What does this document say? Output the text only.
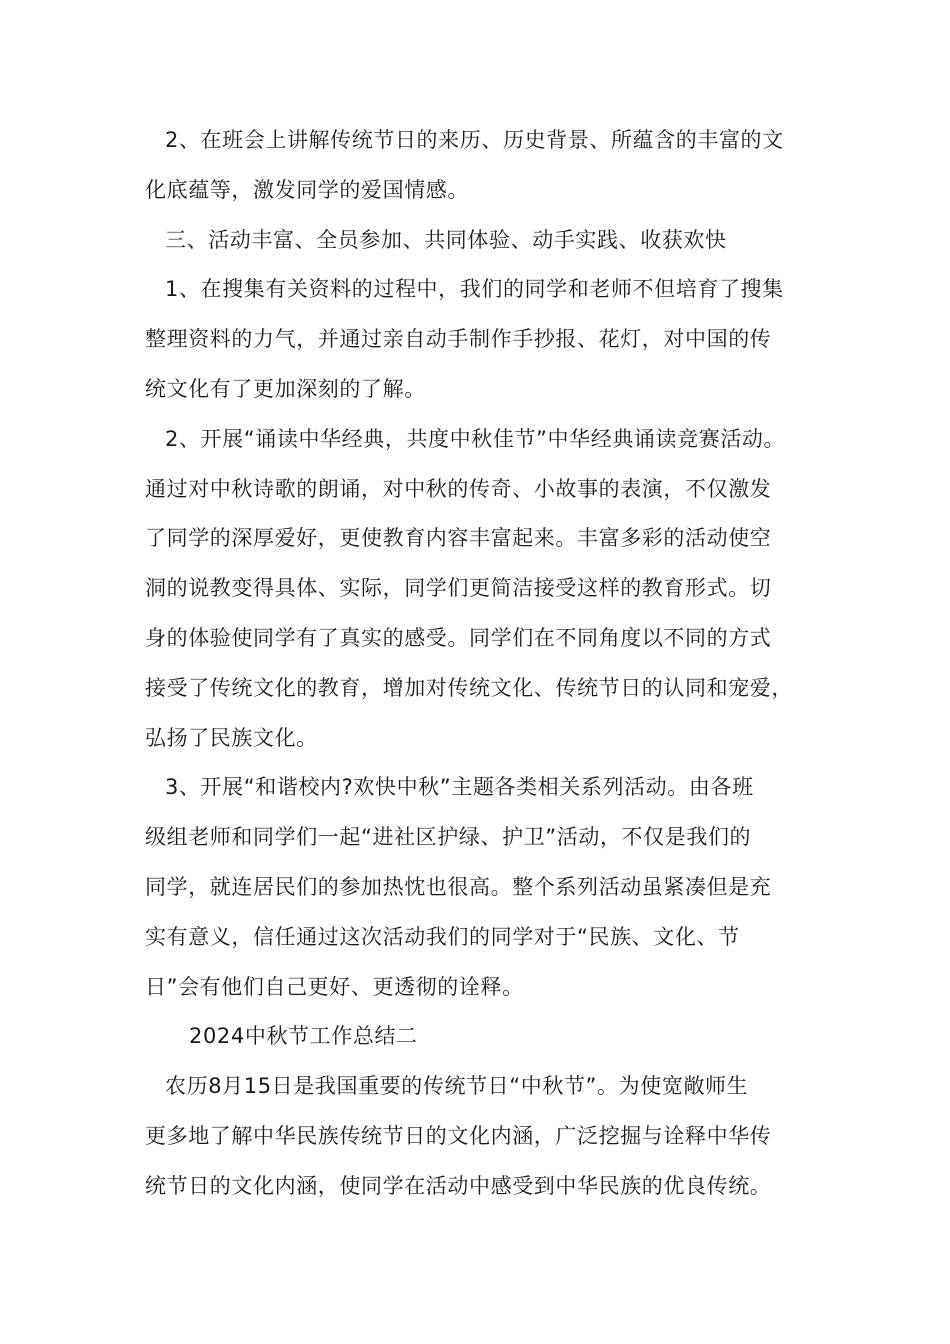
2、在班会上讲解传统节日的来历、历史背景、所蕴含的丰富的文
化底蕴等，激发同学的爱国情感。
三、活动丰富、全员参加、共同体验、动手实践、收获欢快
1、在搜集有关资料的过程中，我们的同学和老师不但培育了搜集
整理资料的力气，并通过亲自动手制作手抄报、花灯，对中国的传
统文化有了更加深刻的了解。
2、开展“诵读中华经典，共度中秋佳节”中华经典诵读竞赛活动。
通过对中秋诗歌的朗诵，对中秋的传奇、小故事的表演，不仅激发
了同学的深厚爱好，更使教育内容丰富起来。丰富多彩的活动使空
洞的说教变得具体、实际，同学们更简洁接受这样的教育形式。切
身的体验使同学有了真实的感受。同学们在不同角度以不同的方式
接受了传统文化的教育，增加对传统文化、传统节日的认同和宠爱，
弘扬了民族文化。
3、开展“和谐校内?欢快中秋”主题各类相关系列活动。由各班
级组老师和同学们一起“进社区护绿、护卫”活动，不仅是我们的
同学，就连居民们的参加热忱也很高。整个系列活动虽紧凑但是充
实有意义，信任通过这次活动我们的同学对于“民族、文化、节
日”会有他们自己更好、更透彻的诠释。
2024中秋节工作总结二
农历8月15日是我国重要的传统节日“中秋节”。为使宽敞师生
更多地了解中华民族传统节日的文化内涵，广泛挖掘与诠释中华传
统节日的文化内涵，使同学在活动中感受到中华民族的优良传统。
